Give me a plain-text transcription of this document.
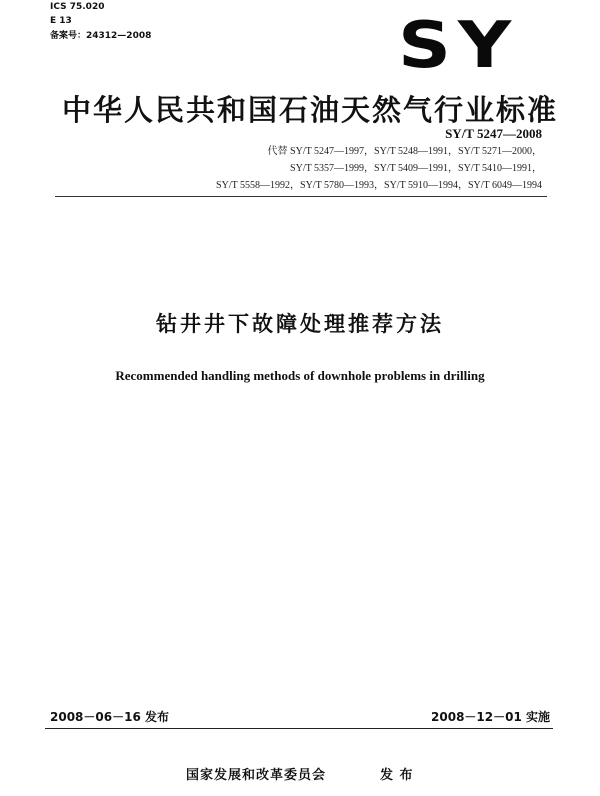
ICS 75.020
E 13
备案号：24312—2008	SY
中华人民共和国石油天然气行业标准
SY/T 5247—2008
代替 SY/T 5247—1997，SY/T 5248—1991，SY/T 5271—2000，
SY/T 5357—1999，SY/T 5409—1991，SY/T 5410—1991，
SY/T 5558—1992，SY/T 5780—1993，SY/T 5910—1994，SY/T 6049—1994
钻井井下故障处理推荐方法
Recommended handling methods of downhole problems in drilling
2008－06－16 发布	2008－12－01 实施
国家发展和改革委员会	发 布
